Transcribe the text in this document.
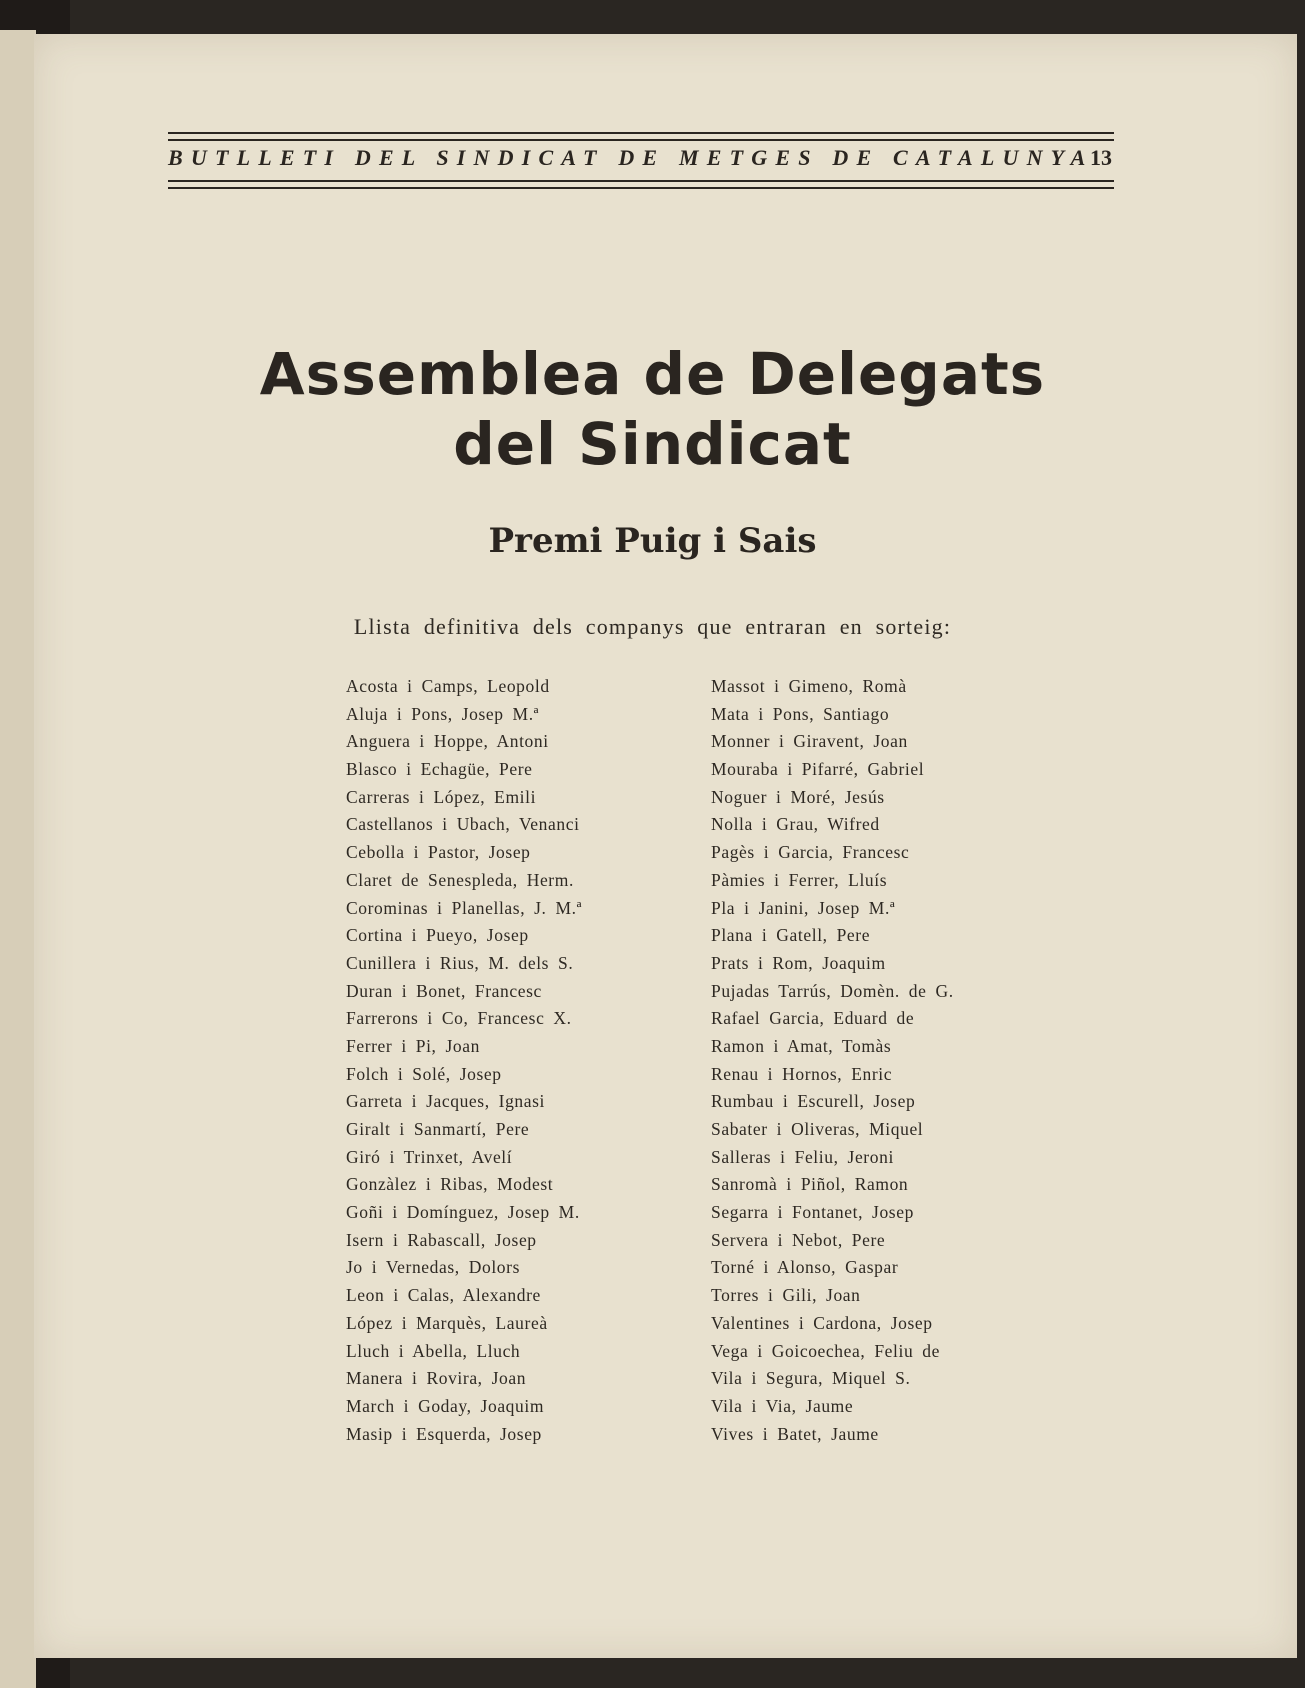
BUTLLETI DEL SINDICAT DE METGES DE CATALUNYA
13
Assemblea de Delegats
del Sindicat
Premi Puig i Sais
Llista definitiva dels companys que entraran en sorteig:
Acosta i Camps, Leopold
Aluja i Pons, Josep M.ª
Anguera i Hoppe, Antoni
Blasco i Echagüe, Pere
Carreras i López, Emili
Castellanos i Ubach, Venanci
Cebolla i Pastor, Josep
Claret de Senespleda, Herm.
Corominas i Planellas, J. M.ª
Cortina i Pueyo, Josep
Cunillera i Rius, M. dels S.
Duran i Bonet, Francesc
Farrerons i Co, Francesc X.
Ferrer i Pi, Joan
Folch i Solé, Josep
Garreta i Jacques, Ignasi
Giralt i Sanmartí, Pere
Giró i Trinxet, Avelí
Gonzàlez i Ribas, Modest
Goñi i Domínguez, Josep M.
Isern i Rabascall, Josep
Jo i Vernedas, Dolors
Leon i Calas, Alexandre
López i Marquès, Laureà
Lluch i Abella, Lluch
Manera i Rovira, Joan
March i Goday, Joaquim
Masip i Esquerda, Josep
Massot i Gimeno, Romà
Mata i Pons, Santiago
Monner i Giravent, Joan
Mouraba i Pifarré, Gabriel
Noguer i Moré, Jesús
Nolla i Grau, Wifred
Pagès i Garcia, Francesc
Pàmies i Ferrer, Lluís
Pla i Janini, Josep M.ª
Plana i Gatell, Pere
Prats i Rom, Joaquim
Pujadas Tarrús, Domèn. de G.
Rafael Garcia, Eduard de
Ramon i Amat, Tomàs
Renau i Hornos, Enric
Rumbau i Escurell, Josep
Sabater i Oliveras, Miquel
Salleras i Feliu, Jeroni
Sanromà i Piñol, Ramon
Segarra i Fontanet, Josep
Servera i Nebot, Pere
Torné i Alonso, Gaspar
Torres i Gili, Joan
Valentines i Cardona, Josep
Vega i Goicoechea, Feliu de
Vila i Segura, Miquel S.
Vila i Via, Jaume
Vives i Batet, Jaume
